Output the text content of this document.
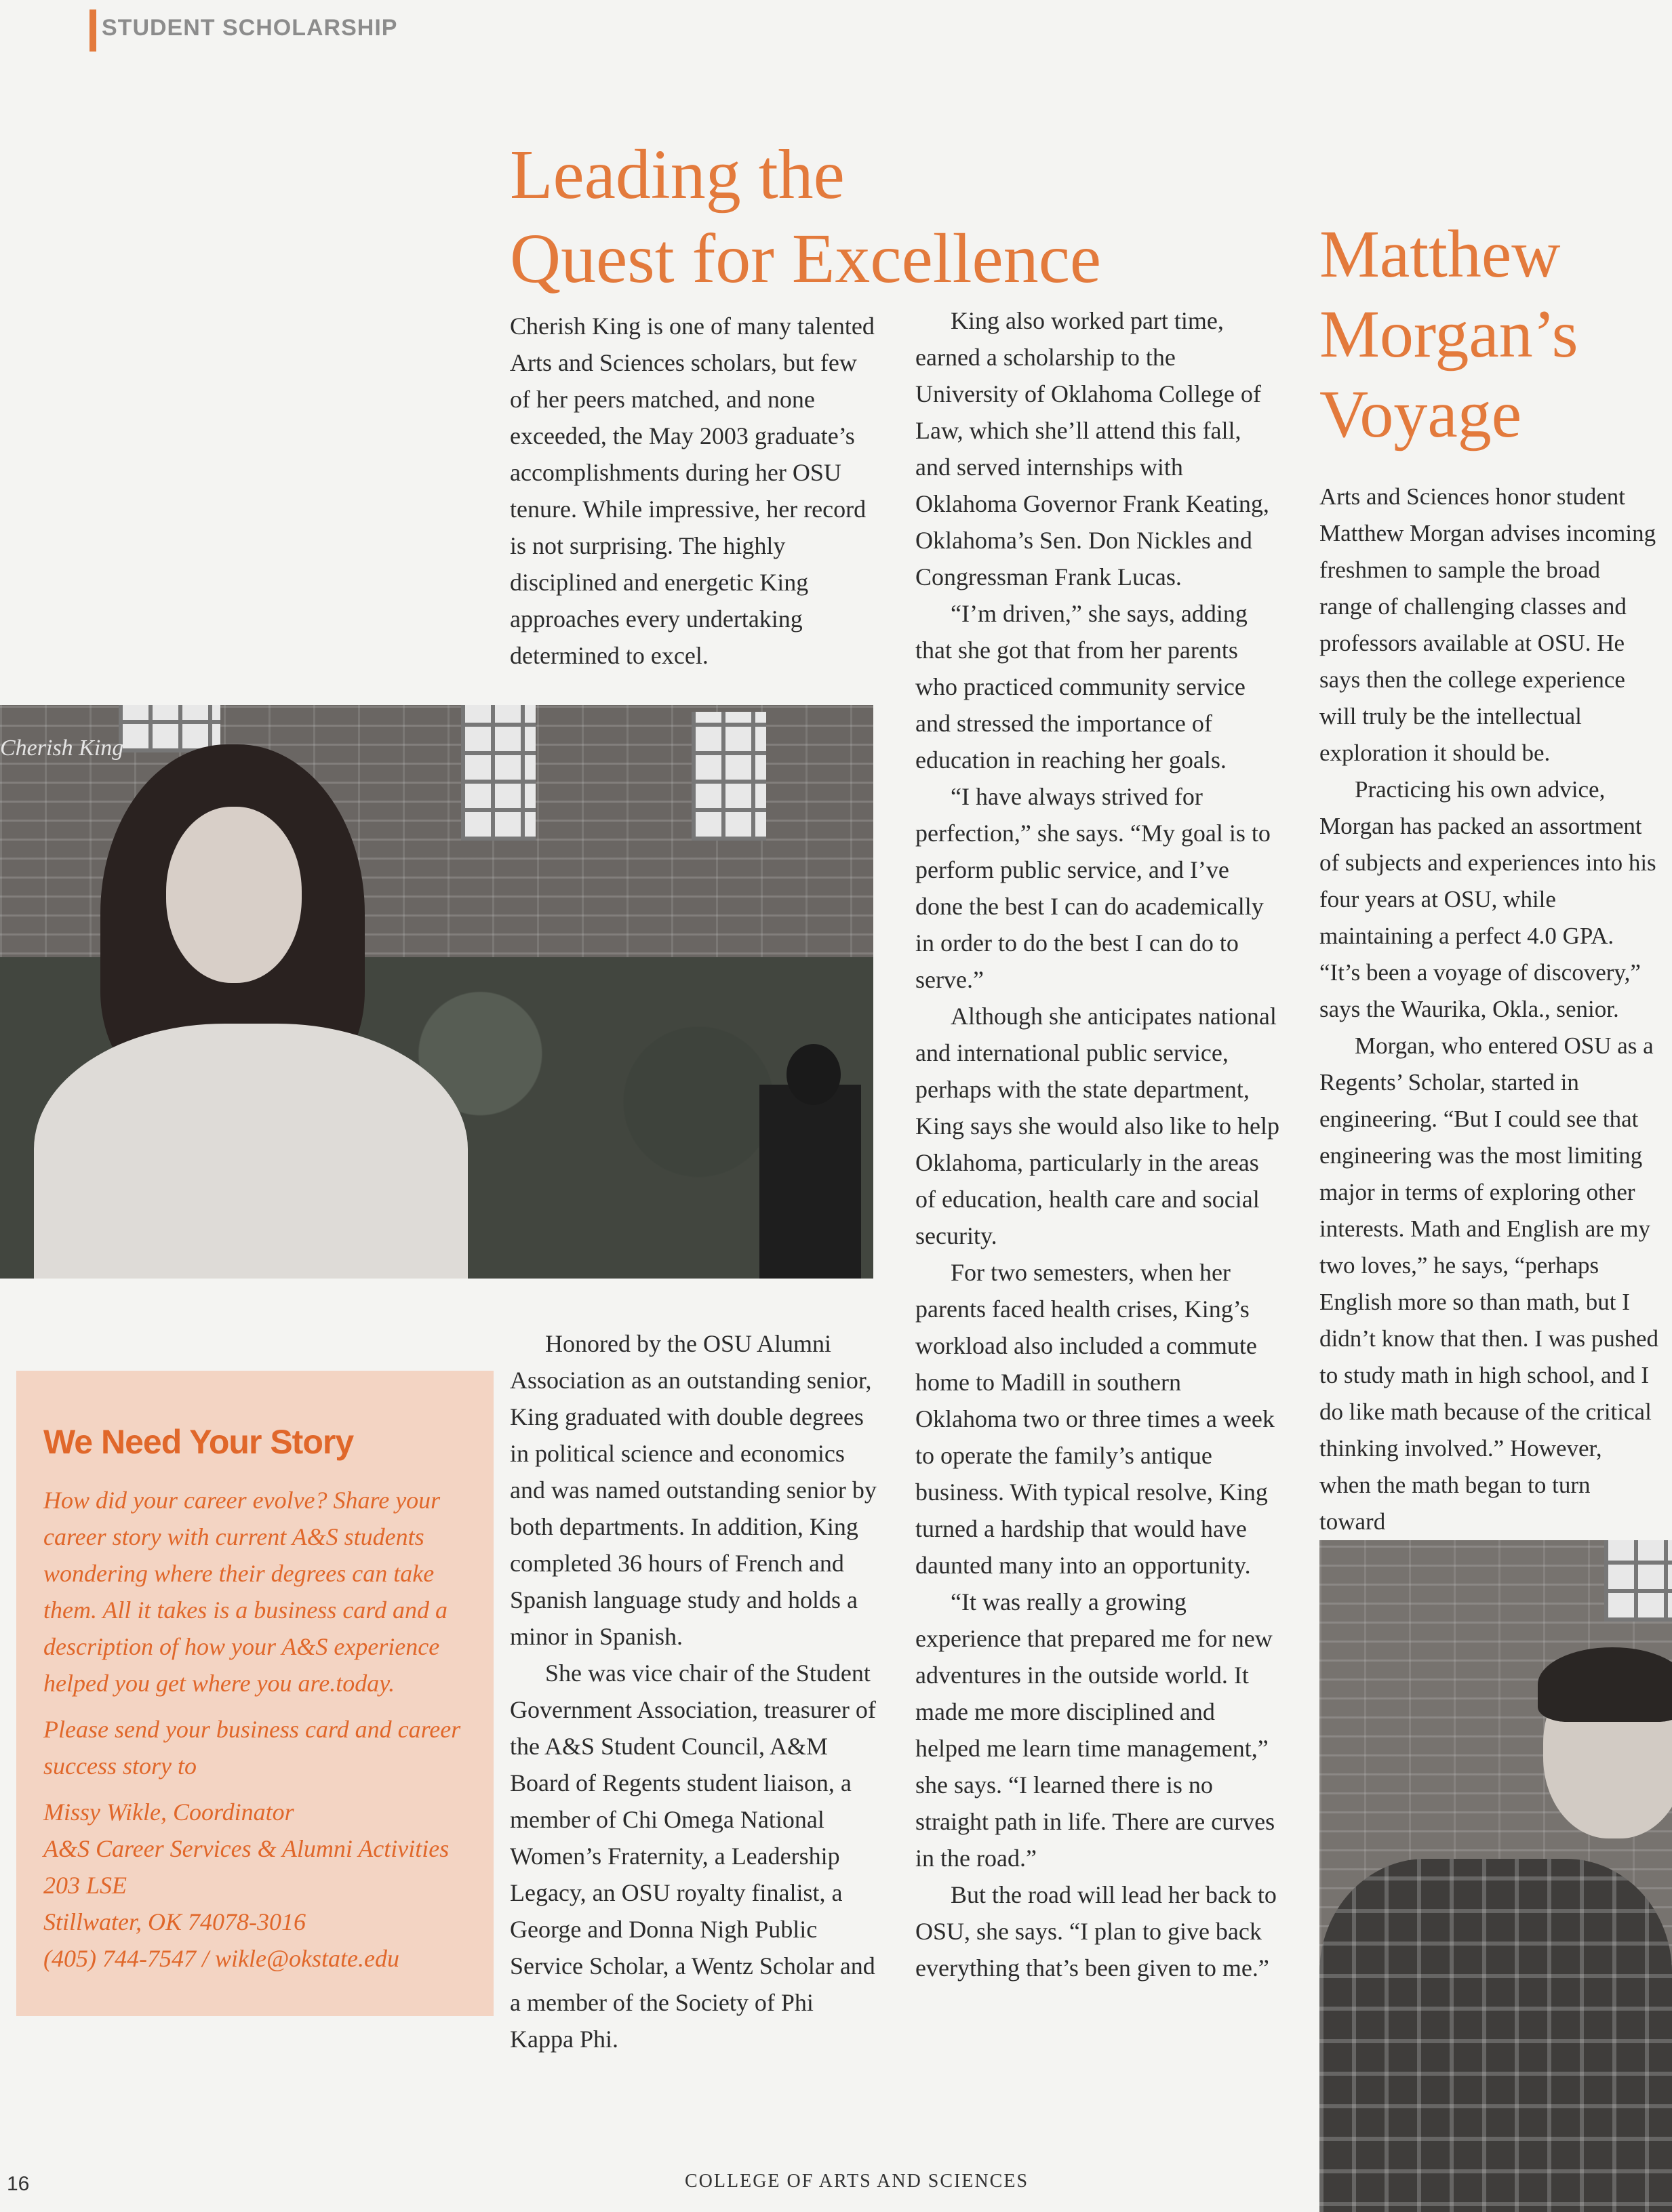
STUDENT SCHOLARSHIP
Leading the
Quest for Excellence

Cherish King is one of many talented Arts and Sciences scholars, but few of her peers matched, and none exceeded, the May 2003 graduate’s accomplishments during her OSU tenure. While impressive, her record is not surprising. The highly disciplined and energetic King approaches every undertaking determined to excel.

Cherish King

Honored by the OSU Alumni Association as an outstanding senior, King graduated with double degrees in political science and economics and was named outstanding senior by both departments. In addition, King completed 36 hours of French and Spanish language study and holds a minor in Spanish.

She was vice chair of the Student Government Association, treasurer of the A&S Student Council, A&M Board of Regents student liaison, a member of Chi Omega National Women’s Fraternity, a Leadership Legacy, an OSU royalty finalist, a George and Donna Nigh Public Service Scholar, a Wentz Scholar and a member of the Society of Phi Kappa Phi.

King also worked part time, earned a scholarship to the University of Oklahoma College of Law, which she’ll attend this fall, and served internships with Oklahoma Governor Frank Keating, Oklahoma’s Sen. Don Nickles and Congressman Frank Lucas.

“I’m driven,” she says, adding that she got that from her parents who practiced community service and stressed the importance of education in reaching her goals.

“I have always strived for perfection,” she says. “My goal is to perform public service, and I’ve done the best I can do academically in order to do the best I can do to serve.”

Although she anticipates national and international public service, perhaps with the state department, King says she would also like to help Oklahoma, particularly in the areas of education, health care and social security.

For two semesters, when her parents faced health crises, King’s workload also included a commute home to Madill in southern Oklahoma two or three times a week to operate the family’s antique business. With typical resolve, King turned a hardship that would have daunted many into an opportunity.

“It was really a growing experience that prepared me for new adventures in the outside world. It made me more disciplined and helped me learn time management,” she says. “I learned there is no straight path in life. There are curves in the road.”

But the road will lead her back to OSU, she says. “I plan to give back everything that’s been given to me.”

Matthew
Morgan’s
Voyage

Arts and Sciences honor student Matthew Morgan advises incoming freshmen to sample the broad range of challenging classes and professors available at OSU. He says then the college experience will truly be the intellectual exploration it should be.

Practicing his own advice, Morgan has packed an assortment of subjects and experiences into his four years at OSU, while maintaining a perfect 4.0 GPA. “It’s been a voyage of discovery,” says the Waurika, Okla., senior.

Morgan, who entered OSU as a Regents’ Scholar, started in engineering. “But I could see that engineering was the most limiting major in terms of exploring other interests. Math and English are my two loves,” he says, “perhaps English more so than math, but I didn’t know that then. I was pushed to study math in high school, and I do like math because of the critical thinking involved.” However, when the math began to turn toward

We Need Your Story

How did your career evolve? Share your career story with current A&S students wondering where their degrees can take them. All it takes is a business card and a description of how your A&S experience helped you get where you are.today.

Please send your business card and career success story to

Missy Wikle, Coordinator

A&S Career Services & Alumni Activities

203 LSE

Stillwater, OK 74078-3016

(405) 744-7547 / wikle@okstate.edu

16	COLLEGE OF ARTS AND SCIENCES
